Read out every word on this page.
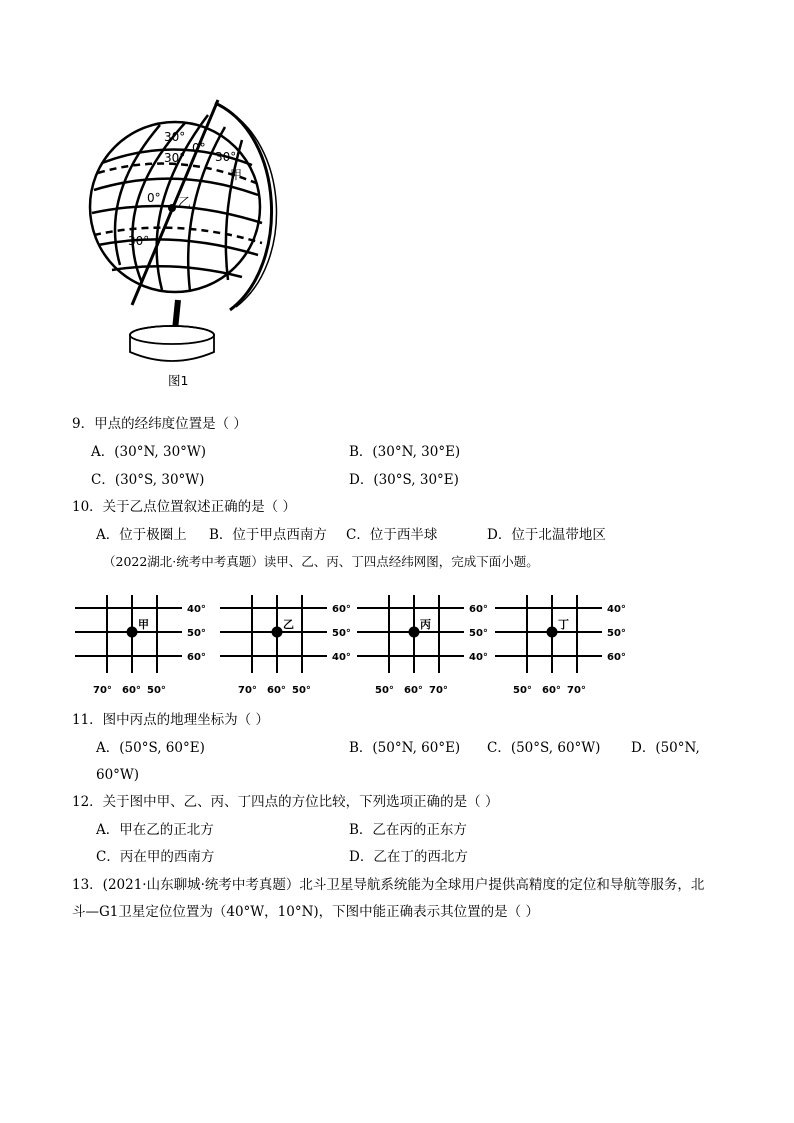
30°
30°
0°
30°
甲
0° 乙
30°
图1
9．甲点的经纬度位置是（ ）
A．(30°N, 30°W)	B．(30°N, 30°E)
C．(30°S, 30°W)	D．(30°S, 30°E)
10．关于乙点位置叙述正确的是（ ）
A．位于极圈上 B．位于甲点西南方 C．位于西半球	D．位于北温带地区
（2022湖北·统考中考真题）读甲、乙、丙、丁四点经纬网图，完成下面小题。
甲
40°
50°
60°
70° 60° 50°
乙
60°
50°
40°
70° 60° 50°
丙
60°
50°
40°
50° 60° 70°
丁
40°
50°
60°
50° 60° 70°
11．图中丙点的地理坐标为（ ）
A．(50°S, 60°E)	B．(50°N, 60°E) C．(50°S, 60°W) D．(50°N,
60°W)
12．关于图中甲、乙、丙、丁四点的方位比较，下列选项正确的是（ ）
A．甲在乙的正北方	B．乙在丙的正东方
C．丙在甲的西南方	D．乙在丁的西北方
13．(2021·山东聊城·统考中考真题）北斗卫星导航系统能为全球用户提供高精度的定位和导航等服务，北
斗—G1卫星定位位置为（40°W，10°N)，下图中能正确表示其位置的是（ ）
